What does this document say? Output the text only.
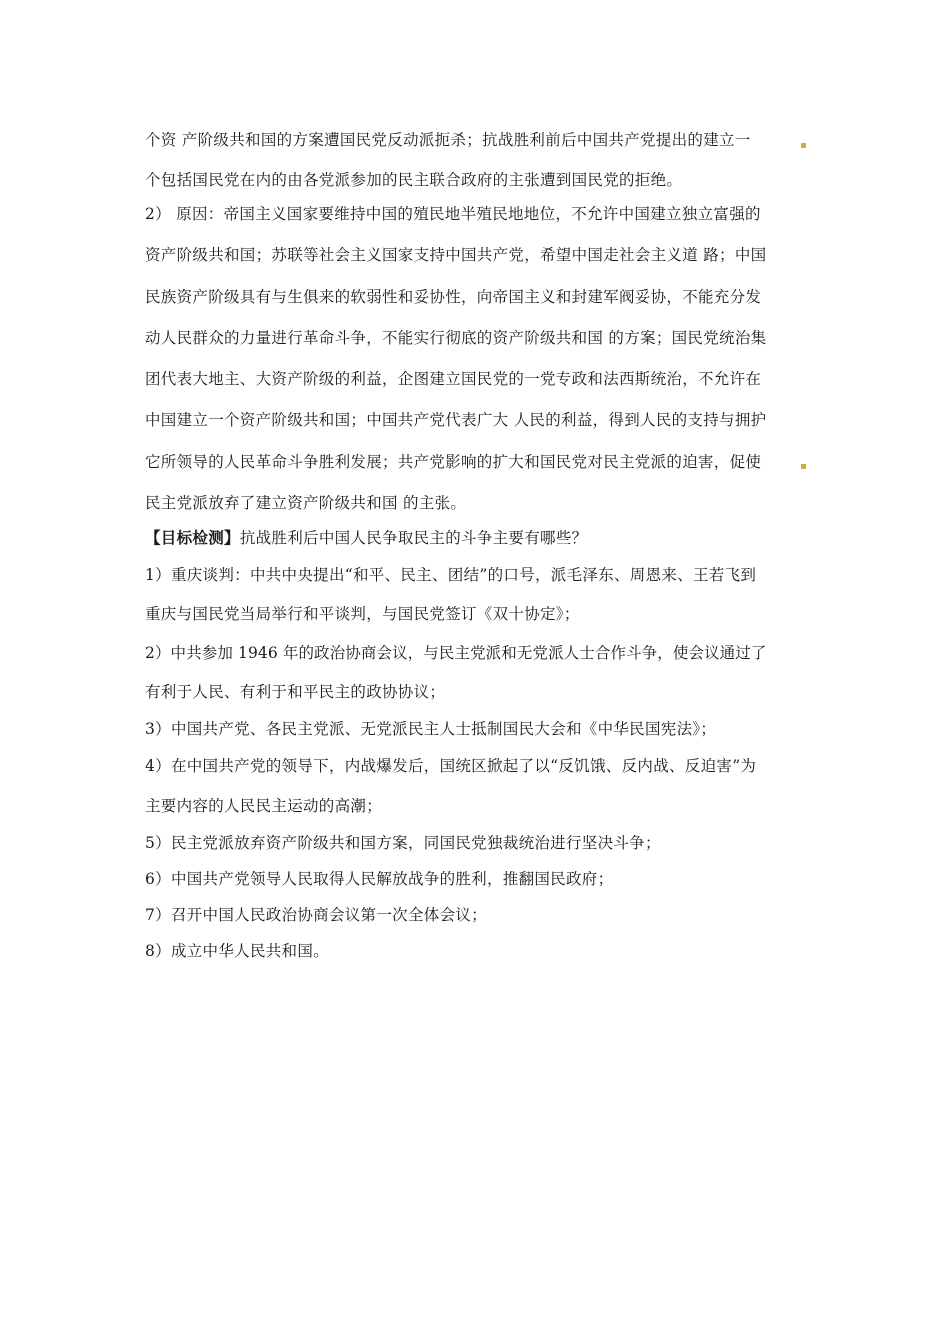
个资 产阶级共和国的方案遭国民党反动派扼杀；抗战胜利前后中国共产党提出的建立一
个包括国民党在内的由各党派参加的民主联合政府的主张遭到国民党的拒绝。
2） 原因：帝国主义国家要维持中国的殖民地半殖民地地位，不允许中国建立独立富强的
资产阶级共和国；苏联等社会主义国家支持中国共产党，希望中国走社会主义道 路；中国
民族资产阶级具有与生俱来的软弱性和妥协性，向帝国主义和封建军阀妥协，不能充分发
动人民群众的力量进行革命斗争，不能实行彻底的资产阶级共和国 的方案；国民党统治集
团代表大地主、大资产阶级的利益，企图建立国民党的一党专政和法西斯统治，不允许在
中国建立一个资产阶级共和国；中国共产党代表广大 人民的利益，得到人民的支持与拥护
它所领导的人民革命斗争胜利发展；共产党影响的扩大和国民党对民主党派的迫害，促使
民主党派放弃了建立资产阶级共和国 的主张。
【目标检测】抗战胜利后中国人民争取民主的斗争主要有哪些？
1）重庆谈判：中共中央提出“和平、民主、团结”的口号，派毛泽东、周恩来、王若飞到
重庆与国民党当局举行和平谈判，与国民党签订《双十协定》；
2）中共参加 1946 年的政治协商会议，与民主党派和无党派人士合作斗争，使会议通过了
有利于人民、有利于和平民主的政协协议；
3）中国共产党、各民主党派、无党派民主人士抵制国民大会和《中华民国宪法》；
4）在中国共产党的领导下，内战爆发后，国统区掀起了以“反饥饿、反内战、反迫害”为
主要内容的人民民主运动的高潮；
5）民主党派放弃资产阶级共和国方案，同国民党独裁统治进行坚决斗争；
6）中国共产党领导人民取得人民解放战争的胜利，推翻国民政府；
7）召开中国人民政治协商会议第一次全体会议；
8）成立中华人民共和国。
